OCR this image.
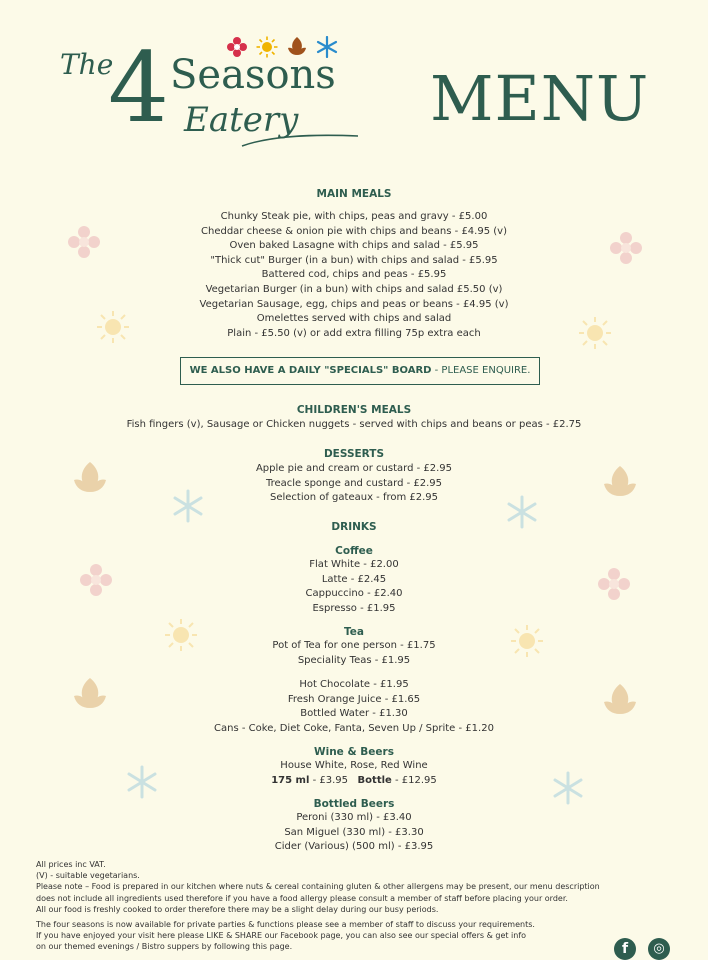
The
4 Seasons
Eatery MENU
MAIN MEALS
Chunky Steak pie, with chips, peas and gravy - £5.00
Cheddar cheese & onion pie with chips and beans - £4.95 (v)
Oven baked Lasagne with chips and salad - £5.95
"Thick cut" Burger (in a bun) with chips and salad - £5.95
Battered cod, chips and peas - £5.95
Vegetarian Burger (in a bun) with chips and salad £5.50 (v)
Vegetarian Sausage, egg, chips and peas or beans - £4.95 (v)
Omelettes served with chips and salad
Plain - £5.50 (v) or add extra filling 75p extra each
WE ALSO HAVE A DAILY "SPECIALS" BOARD - PLEASE ENQUIRE.
CHILDREN'S MEALS
Fish fingers (v), Sausage or Chicken nuggets - served with chips and beans or peas - £2.75
DESSERTS
Apple pie and cream or custard - £2.95
Treacle sponge and custard - £2.95
Selection of gateaux - from £2.95
DRINKS
Coffee
Flat White - £2.00
Latte - £2.45
Cappuccino - £2.40
Espresso - £1.95
Tea
Pot of Tea for one person - £1.75
Speciality Teas - £1.95
Hot Chocolate - £1.95
Fresh Orange Juice - £1.65
Bottled Water - £1.30
Cans - Coke, Diet Coke, Fanta, Seven Up / Sprite - £1.20
Wine & Beers
House White, Rose, Red Wine
175 ml - £3.95 Bottle - £12.95
Bottled Beers
Peroni (330 ml) - £3.40
San Miguel (330 ml) - £3.30
Cider (Various) (500 ml) - £3.95
All prices inc VAT.
(V) - suitable vegetarians.
Please note – Food is prepared in our kitchen where nuts & cereal containing gluten & other allergens may be present, our menu description
does not include all ingredients used therefore if you have a food allergy please consult a member of staff before placing your order.
All our food is freshly cooked to order therefore there may be a slight delay during our busy periods.
The four seasons is now available for private parties & functions please see a member of staff to discuss your requirements.
If you have enjoyed your visit here please LIKE & SHARE our Facebook page, you can also see our special offers & get info
on our themed evenings / Bistro suppers by following this page.	f	◎
